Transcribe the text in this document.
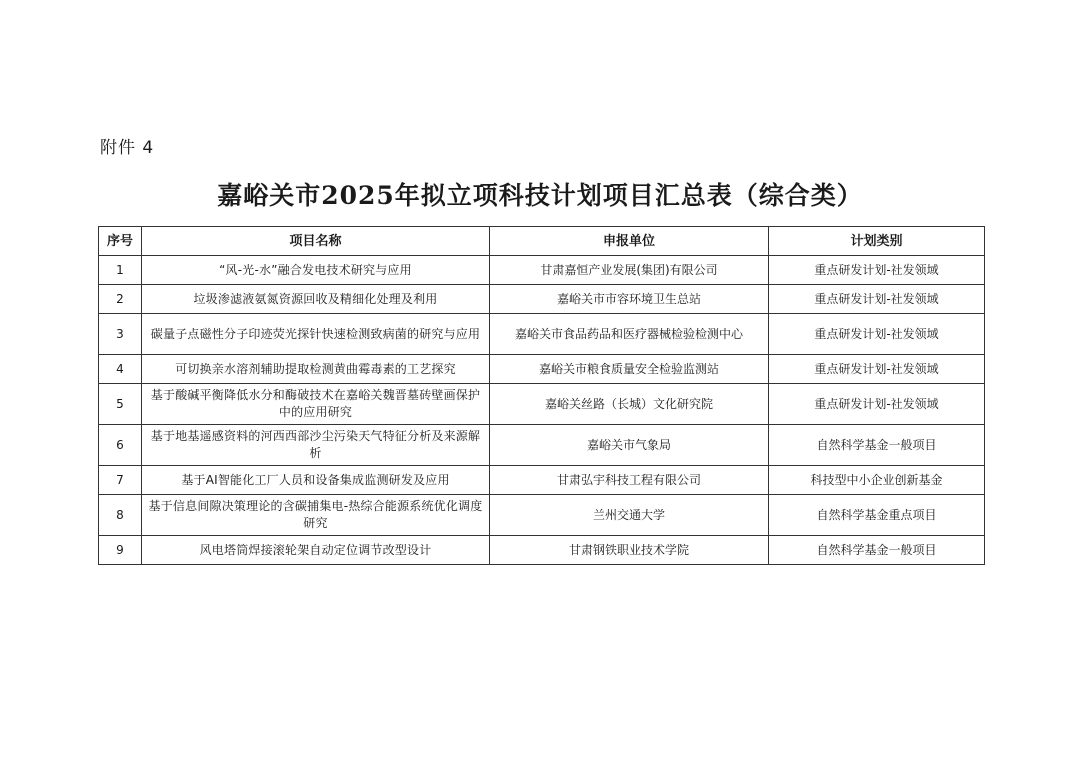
附件 4
嘉峪关市2025年拟立项科技计划项目汇总表（综合类）
序号	项目名称	申报单位	计划类别
1	“风-光-水”融合发电技术研究与应用	甘肃嘉恒产业发展(集团)有限公司	重点研发计划-社发领域
2	垃圾渗滤液氨氮资源回收及精细化处理及利用	嘉峪关市市容环境卫生总站	重点研发计划-社发领域
3	碳量子点磁性分子印迹荧光探针快速检测致病菌的研究与应用	嘉峪关市食品药品和医疗器械检验检测中心	重点研发计划-社发领域
4	可切换亲水溶剂辅助提取检测黄曲霉毒素的工艺探究	嘉峪关市粮食质量安全检验监测站	重点研发计划-社发领域
5	基于酸碱平衡降低水分和酶破技术在嘉峪关魏晋墓砖壁画保护中的应用研究	嘉峪关丝路（长城）文化研究院	重点研发计划-社发领域
6	基于地基遥感资料的河西西部沙尘污染天气特征分析及来源解析	嘉峪关市气象局	自然科学基金一般项目
7	基于AI智能化工厂人员和设备集成监测研发及应用	甘肃弘宇科技工程有限公司	科技型中小企业创新基金
8	基于信息间隙决策理论的含碳捕集电-热综合能源系统优化调度研究	兰州交通大学	自然科学基金重点项目
9	风电塔筒焊接滚轮架自动定位调节改型设计	甘肃钢铁职业技术学院	自然科学基金一般项目
